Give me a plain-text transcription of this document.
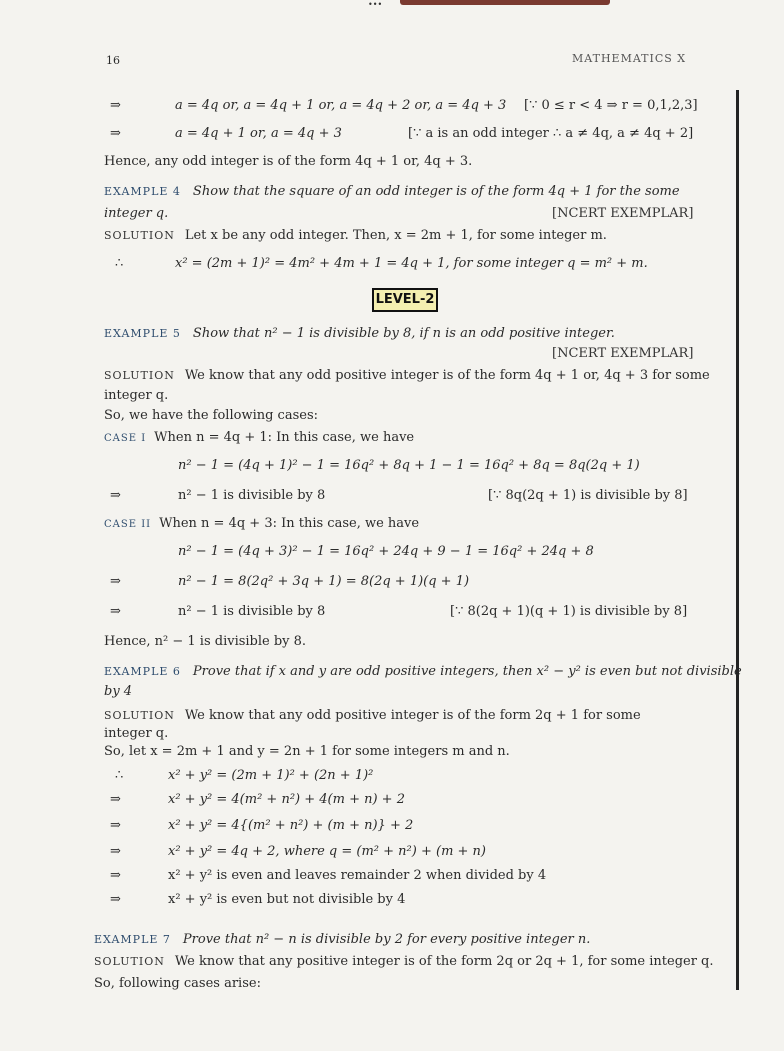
•••
16	MATHEMATICS X
⇒	a = 4q or, a = 4q + 1 or, a = 4q + 2 or, a = 4q + 3 [∵ 0 ≤ r < 4 ⇒ r = 0,1,2,3]
⇒	a = 4q + 1 or, a = 4q + 3	[∵ a is an odd integer ∴ a ≠ 4q, a ≠ 4q + 2]
Hence, any odd integer is of the form 4q + 1 or, 4q + 3.
EXAMPLE 4 Show that the square of an odd integer is of the form 4q + 1 for the some
integer q.	[NCERT EXEMPLAR]
SOLUTION Let x be any odd integer. Then, x = 2m + 1, for some integer m.
∴	x² = (2m + 1)² = 4m² + 4m + 1 = 4q + 1, for some integer q = m² + m.
LEVEL-2
EXAMPLE 5 Show that n² − 1 is divisible by 8, if n is an odd positive integer.
[NCERT EXEMPLAR]
SOLUTION We know that any odd positive integer is of the form 4q + 1 or, 4q + 3 for some
integer q.
So, we have the following cases:
CASE I When n = 4q + 1: In this case, we have
n² − 1 = (4q + 1)² − 1 = 16q² + 8q + 1 − 1 = 16q² + 8q = 8q(2q + 1)
⇒	n² − 1 is divisible by 8	[∵ 8q(2q + 1) is divisible by 8]
CASE II When n = 4q + 3: In this case, we have
n² − 1 = (4q + 3)² − 1 = 16q² + 24q + 9 − 1 = 16q² + 24q + 8
⇒	n² − 1 = 8(2q² + 3q + 1) = 8(2q + 1)(q + 1)
⇒	n² − 1 is divisible by 8	[∵ 8(2q + 1)(q + 1) is divisible by 8]
Hence, n² − 1 is divisible by 8.
EXAMPLE 6 Prove that if x and y are odd positive integers, then x² − y² is even but not divisible
by 4
SOLUTION We know that any odd positive integer is of the form 2q + 1 for some
integer q.
So, let x = 2m + 1 and y = 2n + 1 for some integers m and n.
∴	x² + y² = (2m + 1)² + (2n + 1)²
⇒	x² + y² = 4(m² + n²) + 4(m + n) + 2
⇒	x² + y² = 4{(m² + n²) + (m + n)} + 2
⇒	x² + y² = 4q + 2, where q = (m² + n²) + (m + n)
⇒	x² + y² is even and leaves remainder 2 when divided by 4
⇒	x² + y² is even but not divisible by 4
EXAMPLE 7 Prove that n² − n is divisible by 2 for every positive integer n.
SOLUTION We know that any positive integer is of the form 2q or 2q + 1, for some integer q.
So, following cases arise:
